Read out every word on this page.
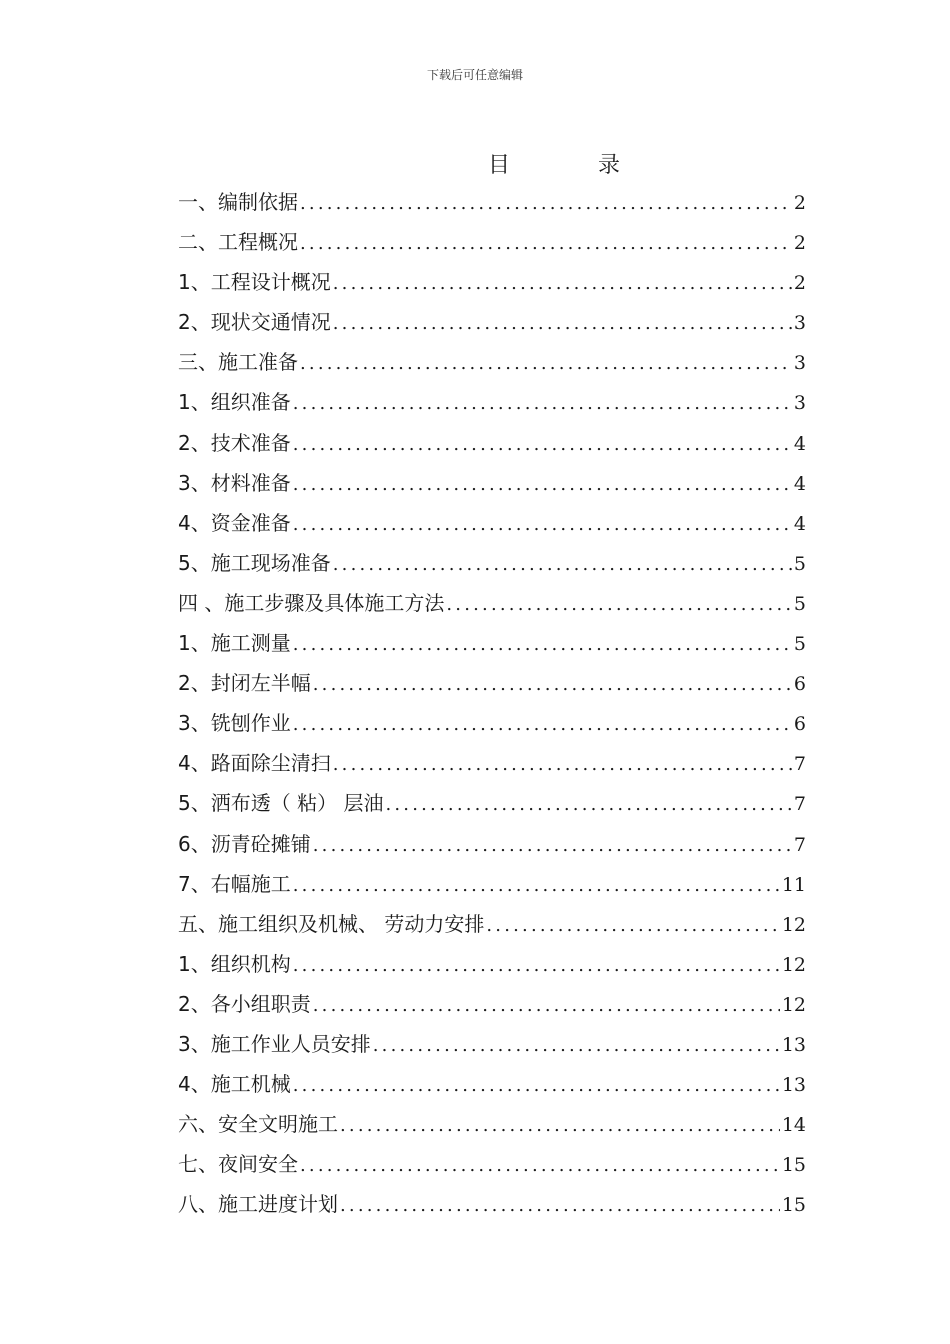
下载后可任意编辑
目	录
一、 编制依据 .....	2
二、 工程概况 .....	2
1、 工程设计概况 .....	2
2、 现状交通情况 .....	3
三、 施工准备 .....	3
1、 组织准备 .....	3
2、 技术准备 .....	4
3、 材料准备 .....	4
4、 资金准备 .....	4
5、 施工现场准备 .....	5
四 、 施工步骤及具体施工方法 .....	5
1、 施工测量 .....	5
2、 封闭左半幅 .....	6
3、 铣刨作业 .....	6
4、 路面除尘清扫 .....	7
5、 洒布透（ 粘） 层油 .....	7
6、 沥青砼摊铺 .....	7
7、 右幅施工 .....	11
五、 施工组织及机械、 劳动力安排 .....	12
1、 组织机构 .....	12
2、 各小组职责 .....	12
3、 施工作业人员安排 .....	13
4、 施工机械 .....	13
六、 安全文明施工 .....	14
七、 夜间安全 .....	15
八、 施工进度计划 .....	15
